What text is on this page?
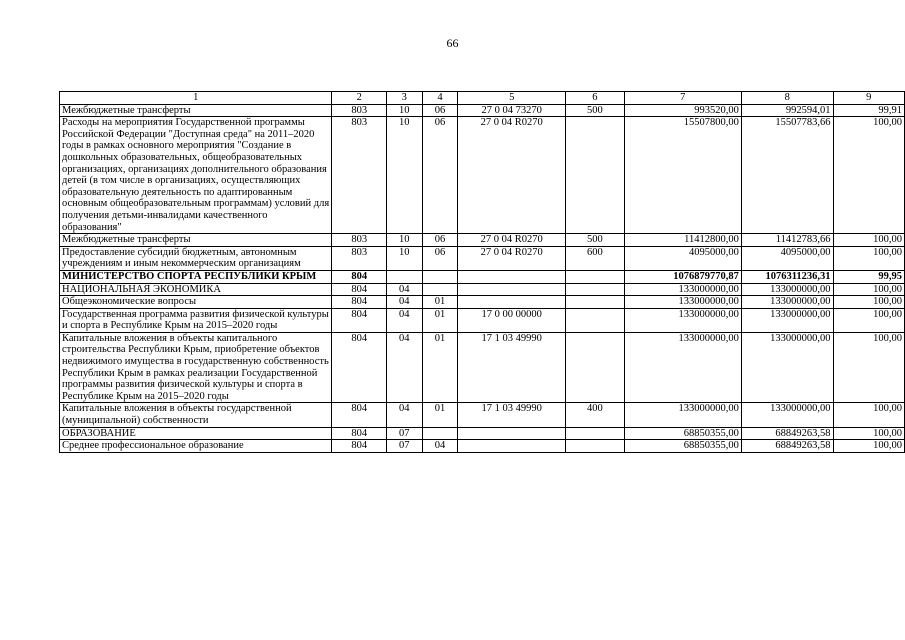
66
1	2	3	4	5	6	7	8	9
Межбюджетные трансферты	803	10	06	27 0 04 73270	500	993520,00	992594,01	99,91
Расходы на мероприятия Государственной программы Российской Федерации "Доступная среда" на 2011–2020 годы в рамках основного мероприятия "Создание в дошкольных образовательных, общеобразовательных организациях, организациях дополнительного образования детей (в том числе в организациях, осуществляющих образовательную деятельность по адаптированным основным общеобразовательным программам) условий для получения детьми-инвалидами качественного образования"	803	10	06	27 0 04 R0270		15507800,00	15507783,66	100,00
Межбюджетные трансферты	803	10	06	27 0 04 R0270	500	11412800,00	11412783,66	100,00
Предоставление субсидий бюджетным, автономным учреждениям и иным некоммерческим организациям	803	10	06	27 0 04 R0270	600	4095000,00	4095000,00	100,00
МИНИСТЕРСТВО СПОРТА РЕСПУБЛИКИ КРЫМ	804					1076879770,87	1076311236,31	99,95
НАЦИОНАЛЬНАЯ ЭКОНОМИКА	804	04				133000000,00	133000000,00	100,00
Общеэкономические вопросы	804	04	01			133000000,00	133000000,00	100,00
Государственная программа развития физической культуры и спорта в Республике Крым на 2015–2020 годы	804	04	01	17 0 00 00000		133000000,00	133000000,00	100,00
Капитальные вложения в объекты капитального строительства Республики Крым, приобретение объектов недвижимого имущества в государственную собственность Республики Крым в рамках реализации Государственной программы развития физической культуры и спорта в Республике Крым на 2015–2020 годы	804	04	01	17 1 03 49990		133000000,00	133000000,00	100,00
Капитальные вложения в объекты государственной (муниципальной) собственности	804	04	01	17 1 03 49990	400	133000000,00	133000000,00	100,00
ОБРАЗОВАНИЕ	804	07				68850355,00	68849263,58	100,00
Среднее профессиональное образование	804	07	04			68850355,00	68849263,58	100,00
